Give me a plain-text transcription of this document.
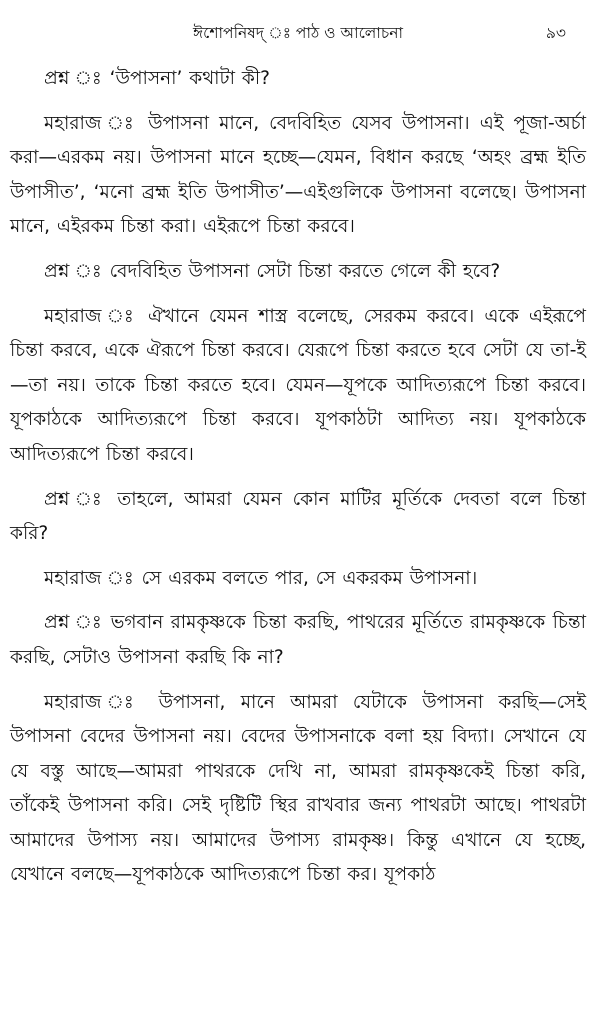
ঈশোপনিষদ্ ঃ পাঠ ও আলোচনা	৯৩

প্রশ্ন ঃ ‘উপাসনা’ কথাটা কী?

মহারাজ ঃ উপাসনা মানে, বেদবিহিত যেসব উপাসনা। এই পূজা-অর্চা করা—এরকম নয়। উপাসনা মানে হচ্ছে—যেমন, বিধান করছে ‘অহং ব্রহ্ম ইতি উপাসীত’, ‘মনো ব্রহ্ম ইতি উপাসীত’—এইগুলিকে উপাসনা বলেছে। উপাসনা মানে, এইরকম চিন্তা করা। এইরূপে চিন্তা করবে।

প্রশ্ন ঃ বেদবিহিত উপাসনা সেটা চিন্তা করতে গেলে কী হবে?

মহারাজ ঃ ঐখানে যেমন শাস্ত্র বলেছে, সেরকম করবে। একে এইরূপে চিন্তা করবে, একে ঐরূপে চিন্তা করবে। যেরূপে চিন্তা করতে হবে সেটা যে তা-ই—তা নয়। তাকে চিন্তা করতে হবে। যেমন—যূপকে আদিত্যরূপে চিন্তা করবে। যূপকাঠকে আদিত্যরূপে চিন্তা করবে। যূপকাঠটা আদিত্য নয়। যূপকাঠকে আদিত্যরূপে চিন্তা করবে।

প্রশ্ন ঃ তাহলে, আমরা যেমন কোন মাটির মূর্তিকে দেবতা বলে চিন্তা করি?

মহারাজ ঃ সে এরকম বলতে পার, সে একরকম উপাসনা।

প্রশ্ন ঃ ভগবান রামকৃষ্ণকে চিন্তা করছি, পাথরের মূর্তিতে রামকৃষ্ণকে চিন্তা করছি, সেটাও উপাসনা করছি কি না?

মহারাজ ঃ উপাসনা, মানে আমরা যেটাকে উপাসনা করছি—সেই উপাসনা বেদের উপাসনা নয়। বেদের উপাসনাকে বলা হয় বিদ্যা। সেখানে যে যে বস্তু আছে—আমরা পাথরকে দেখি না, আমরা রামকৃষ্ণকেই চিন্তা করি, তাঁকেই উপাসনা করি। সেই দৃষ্টিটি স্থির রাখবার জন্য পাথরটা আছে। পাথরটা আমাদের উপাস্য নয়। আমাদের উপাস্য রামকৃষ্ণ। কিন্তু এখানে যে হচ্ছে, যেখানে বলছে—যূপকাঠকে আদিত্যরূপে চিন্তা কর। যূপকাঠ
